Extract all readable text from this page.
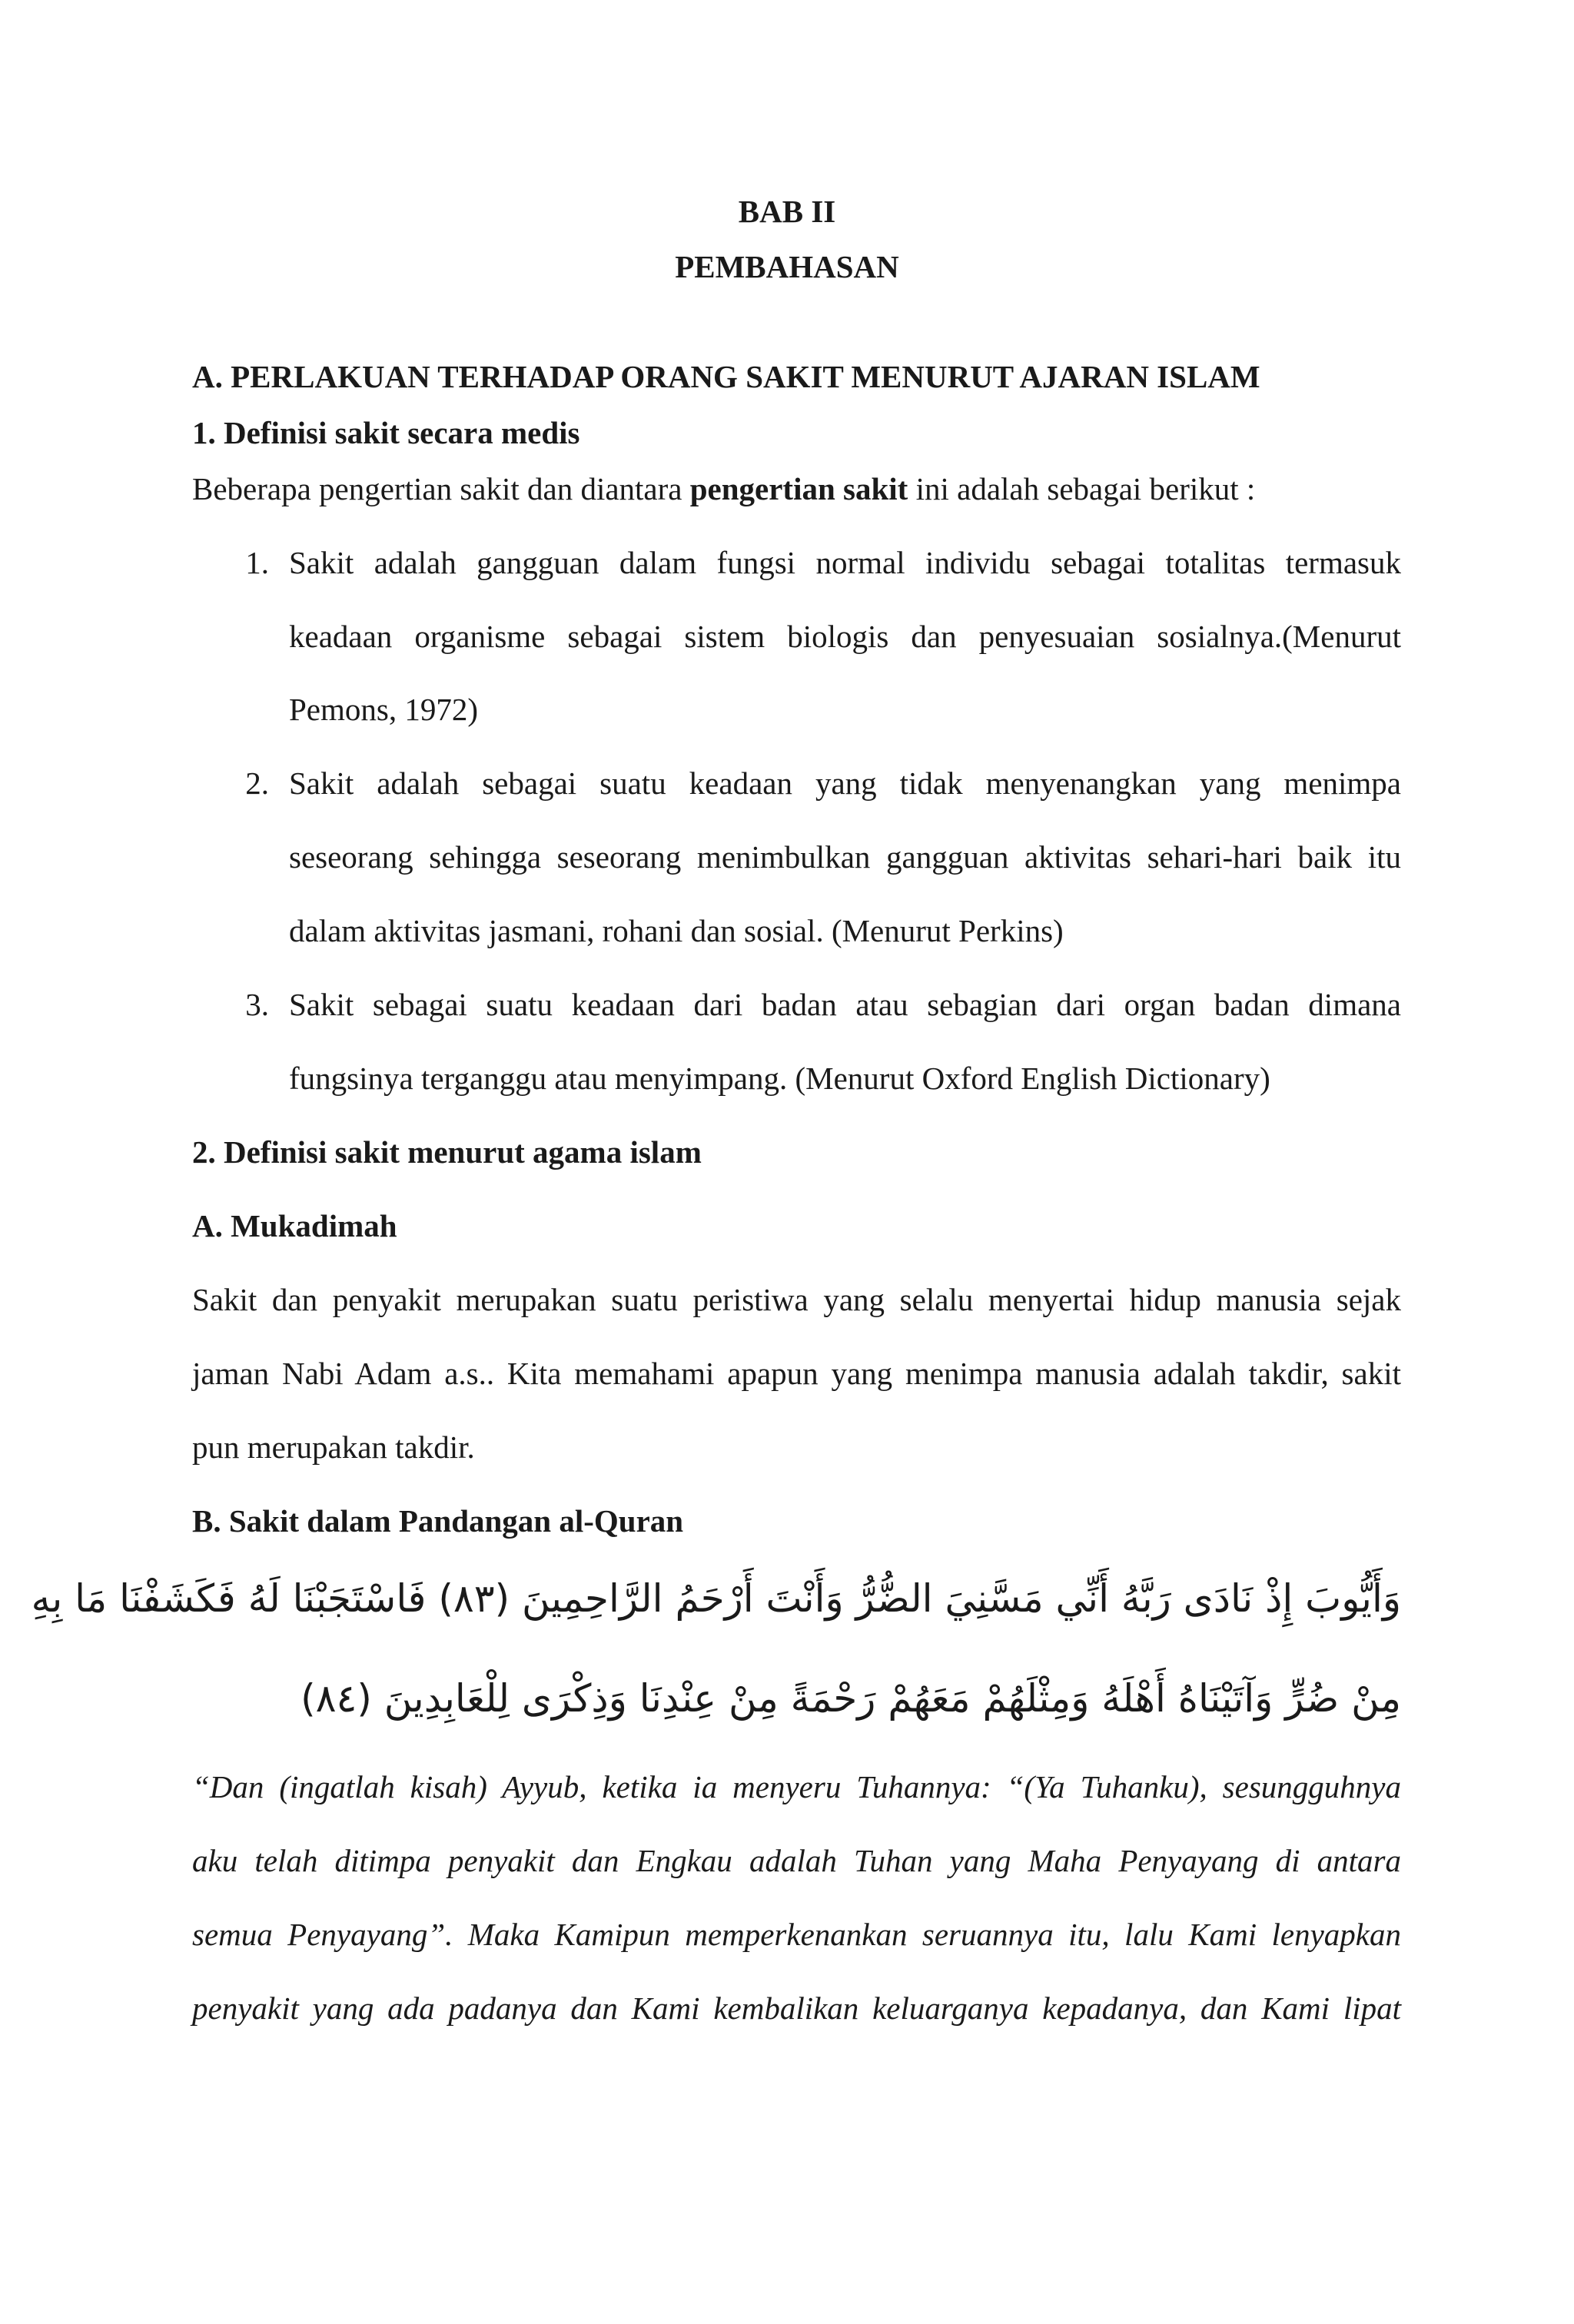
BAB II
PEMBAHASAN
A. PERLAKUAN TERHADAP ORANG SAKIT MENURUT AJARAN ISLAM
1. Definisi sakit secara medis
Beberapa pengertian sakit dan diantara pengertian sakit ini adalah sebagai berikut :
1. Sakit adalah gangguan dalam fungsi normal individu sebagai totalitas termasuk
keadaan organisme sebagai sistem biologis dan penyesuaian sosialnya.(Menurut
Pemons, 1972)
2. Sakit adalah sebagai suatu keadaan yang tidak menyenangkan yang menimpa
seseorang sehingga seseorang menimbulkan gangguan aktivitas sehari-hari baik itu
dalam aktivitas jasmani, rohani dan sosial. (Menurut Perkins)
3. Sakit sebagai suatu keadaan dari badan atau sebagian dari organ badan dimana
fungsinya terganggu atau menyimpang. (Menurut Oxford English Dictionary)
2. Definisi sakit menurut agama islam
A. Mukadimah
Sakit dan penyakit merupakan suatu peristiwa yang selalu menyertai hidup manusia sejak
jaman Nabi Adam a.s.. Kita memahami apapun yang menimpa manusia adalah takdir, sakit
pun merupakan takdir.
B. Sakit dalam Pandangan al-Quran
وَأَيُّوبَ إِذْ نَادَى رَبَّهُ أَنِّي مَسَّنِيَ الضُّرُّ وَأَنْتَ أَرْحَمُ الرَّاحِمِينَ (٨٣) فَاسْتَجَبْنَا لَهُ فَكَشَفْنَا مَا بِهِ
مِنْ ضُرٍّ وَآتَيْنَاهُ أَهْلَهُ وَمِثْلَهُمْ مَعَهُمْ رَحْمَةً مِنْ عِنْدِنَا وَذِكْرَى لِلْعَابِدِينَ (٨٤)
“Dan (ingatlah kisah) Ayyub, ketika ia menyeru Tuhannya: “(Ya Tuhanku), sesungguhnya
aku telah ditimpa penyakit dan Engkau adalah Tuhan yang Maha Penyayang di antara
semua Penyayang”. Maka Kamipun memperkenankan seruannya itu, lalu Kami lenyapkan
penyakit yang ada padanya dan Kami kembalikan keluarganya kepadanya, dan Kami lipat
